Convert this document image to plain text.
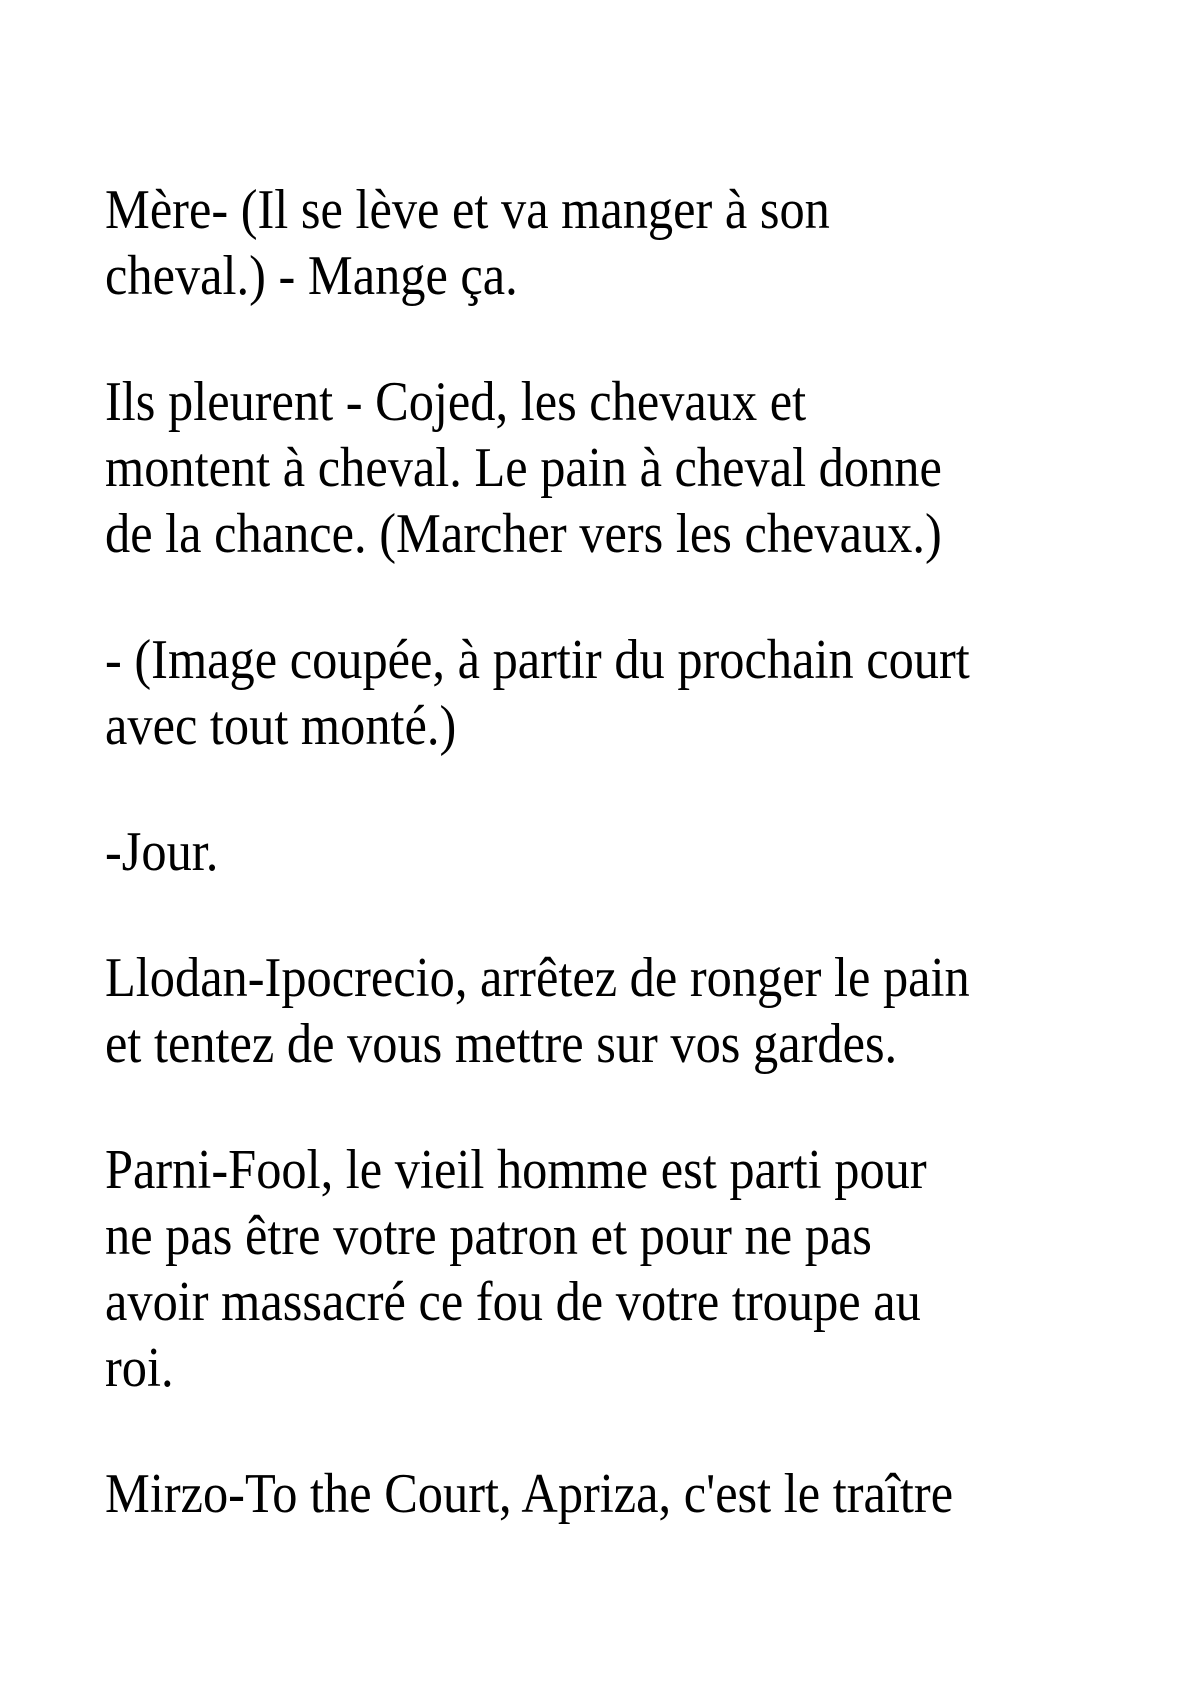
Mère- (Il se lève et va manger à son
cheval.) - Mange ça.

Ils pleurent - Cojed, les chevaux et
montent à cheval. Le pain à cheval donne
de la chance. (Marcher vers les chevaux.)

- (Image coupée, à partir du prochain court
avec tout monté.)

-Jour.

Llodan-Ipocrecio, arrêtez de ronger le pain
et tentez de vous mettre sur vos gardes.

Parni-Fool, le vieil homme est parti pour
ne pas être votre patron et pour ne pas
avoir massacré ce fou de votre troupe au
roi.

Mirzo-To the Court, Apriza, c'est le traître
